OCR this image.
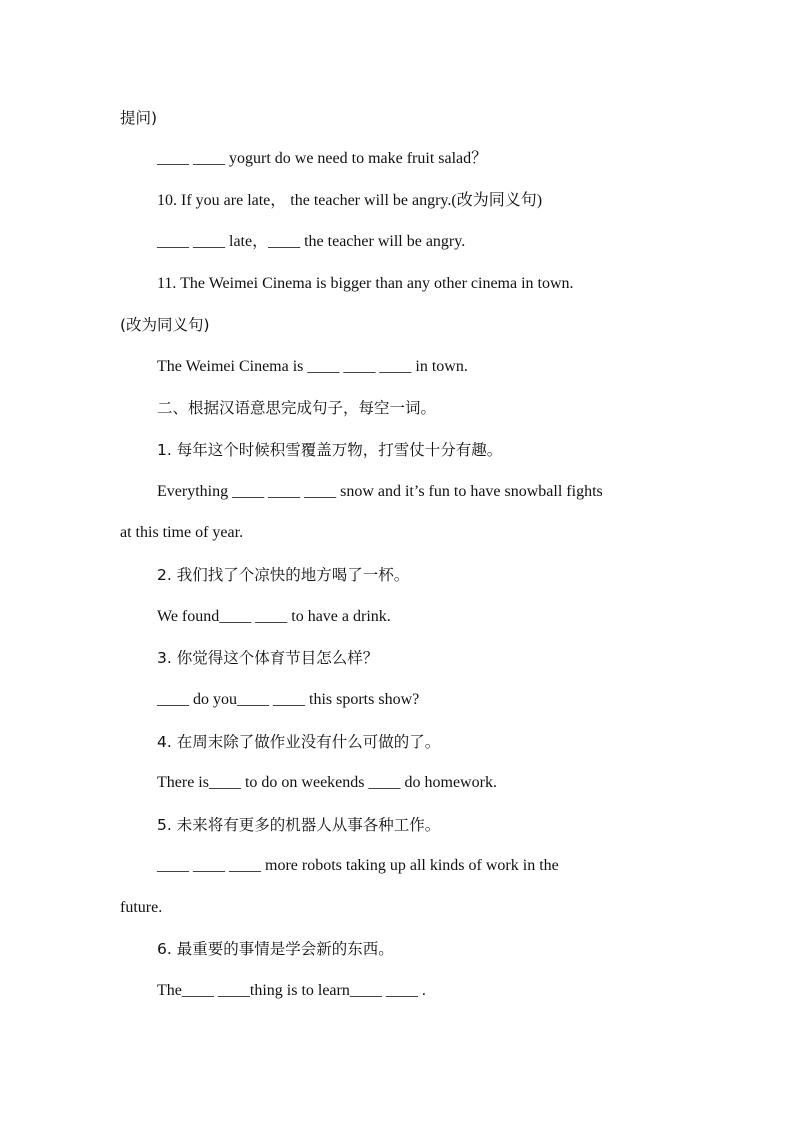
提问)
____ ____ yogurt do we need to make fruit salad？
10. If you are late， the teacher will be angry.(改为同义句)
____ ____ late，____ the teacher will be angry.
11. The Weimei Cinema is bigger than any other cinema in town.
(改为同义句)
The Weimei Cinema is ____ ____ ____ in town.
二、根据汉语意思完成句子，每空一词。
1. 每年这个时候积雪覆盖万物，打雪仗十分有趣。
Everything ____ ____ ____ snow and it’s fun to have snowball fights
at this time of year.
2. 我们找了个凉快的地方喝了一杯。
We found____ ____ to have a drink.
3. 你觉得这个体育节目怎么样？
____ do you____ ____ this sports show?
4. 在周末除了做作业没有什么可做的了。
There is____ to do on weekends ____ do homework.
5. 未来将有更多的机器人从事各种工作。
____ ____ ____ more robots taking up all kinds of work in the
future.
6. 最重要的事情是学会新的东西。
The____ ____thing is to learn____ ____ .
